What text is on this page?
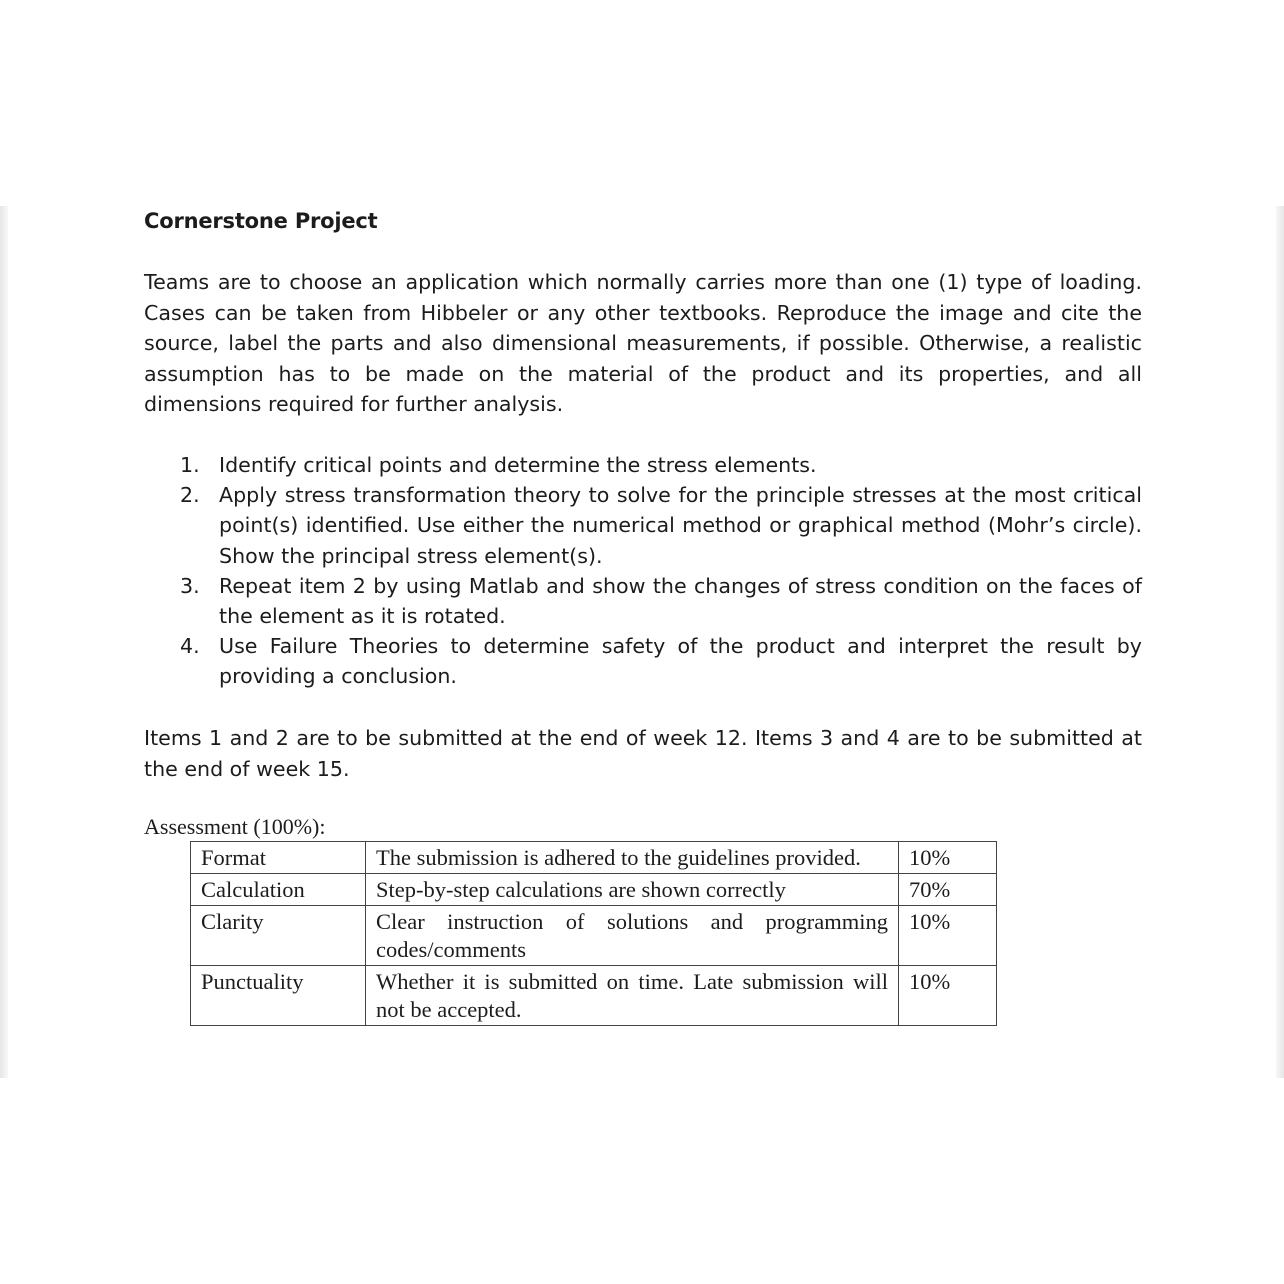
Cornerstone Project

Teams are to choose an application which normally carries more than one (1) type of loading. Cases can be taken from Hibbeler or any other textbooks. Reproduce the image and cite the source, label the parts and also dimensional measurements, if possible. Otherwise, a realistic assumption has to be made on the material of the product and its properties, and all dimensions required for further analysis.

1. Identify critical points and determine the stress elements.
2. Apply stress transformation theory to solve for the principle stresses at the most critical point(s) identified. Use either the numerical method or graphical method (Mohr’s circle). Show the principal stress element(s).
3. Repeat item 2 by using Matlab and show the changes of stress condition on the faces of the element as it is rotated.
4. Use Failure Theories to determine safety of the product and interpret the result by providing a conclusion.

Items 1 and 2 are to be submitted at the end of week 12. Items 3 and 4 are to be submitted at the end of week 15.

Assessment (100%):
Format	The submission is adhered to the guidelines provided.	10%
Calculation	Step-by-step calculations are shown correctly	70%
Clarity	Clear instruction of solutions and programming codes/comments	10%
Punctuality	Whether it is submitted on time. Late submission will not be accepted.	10%
